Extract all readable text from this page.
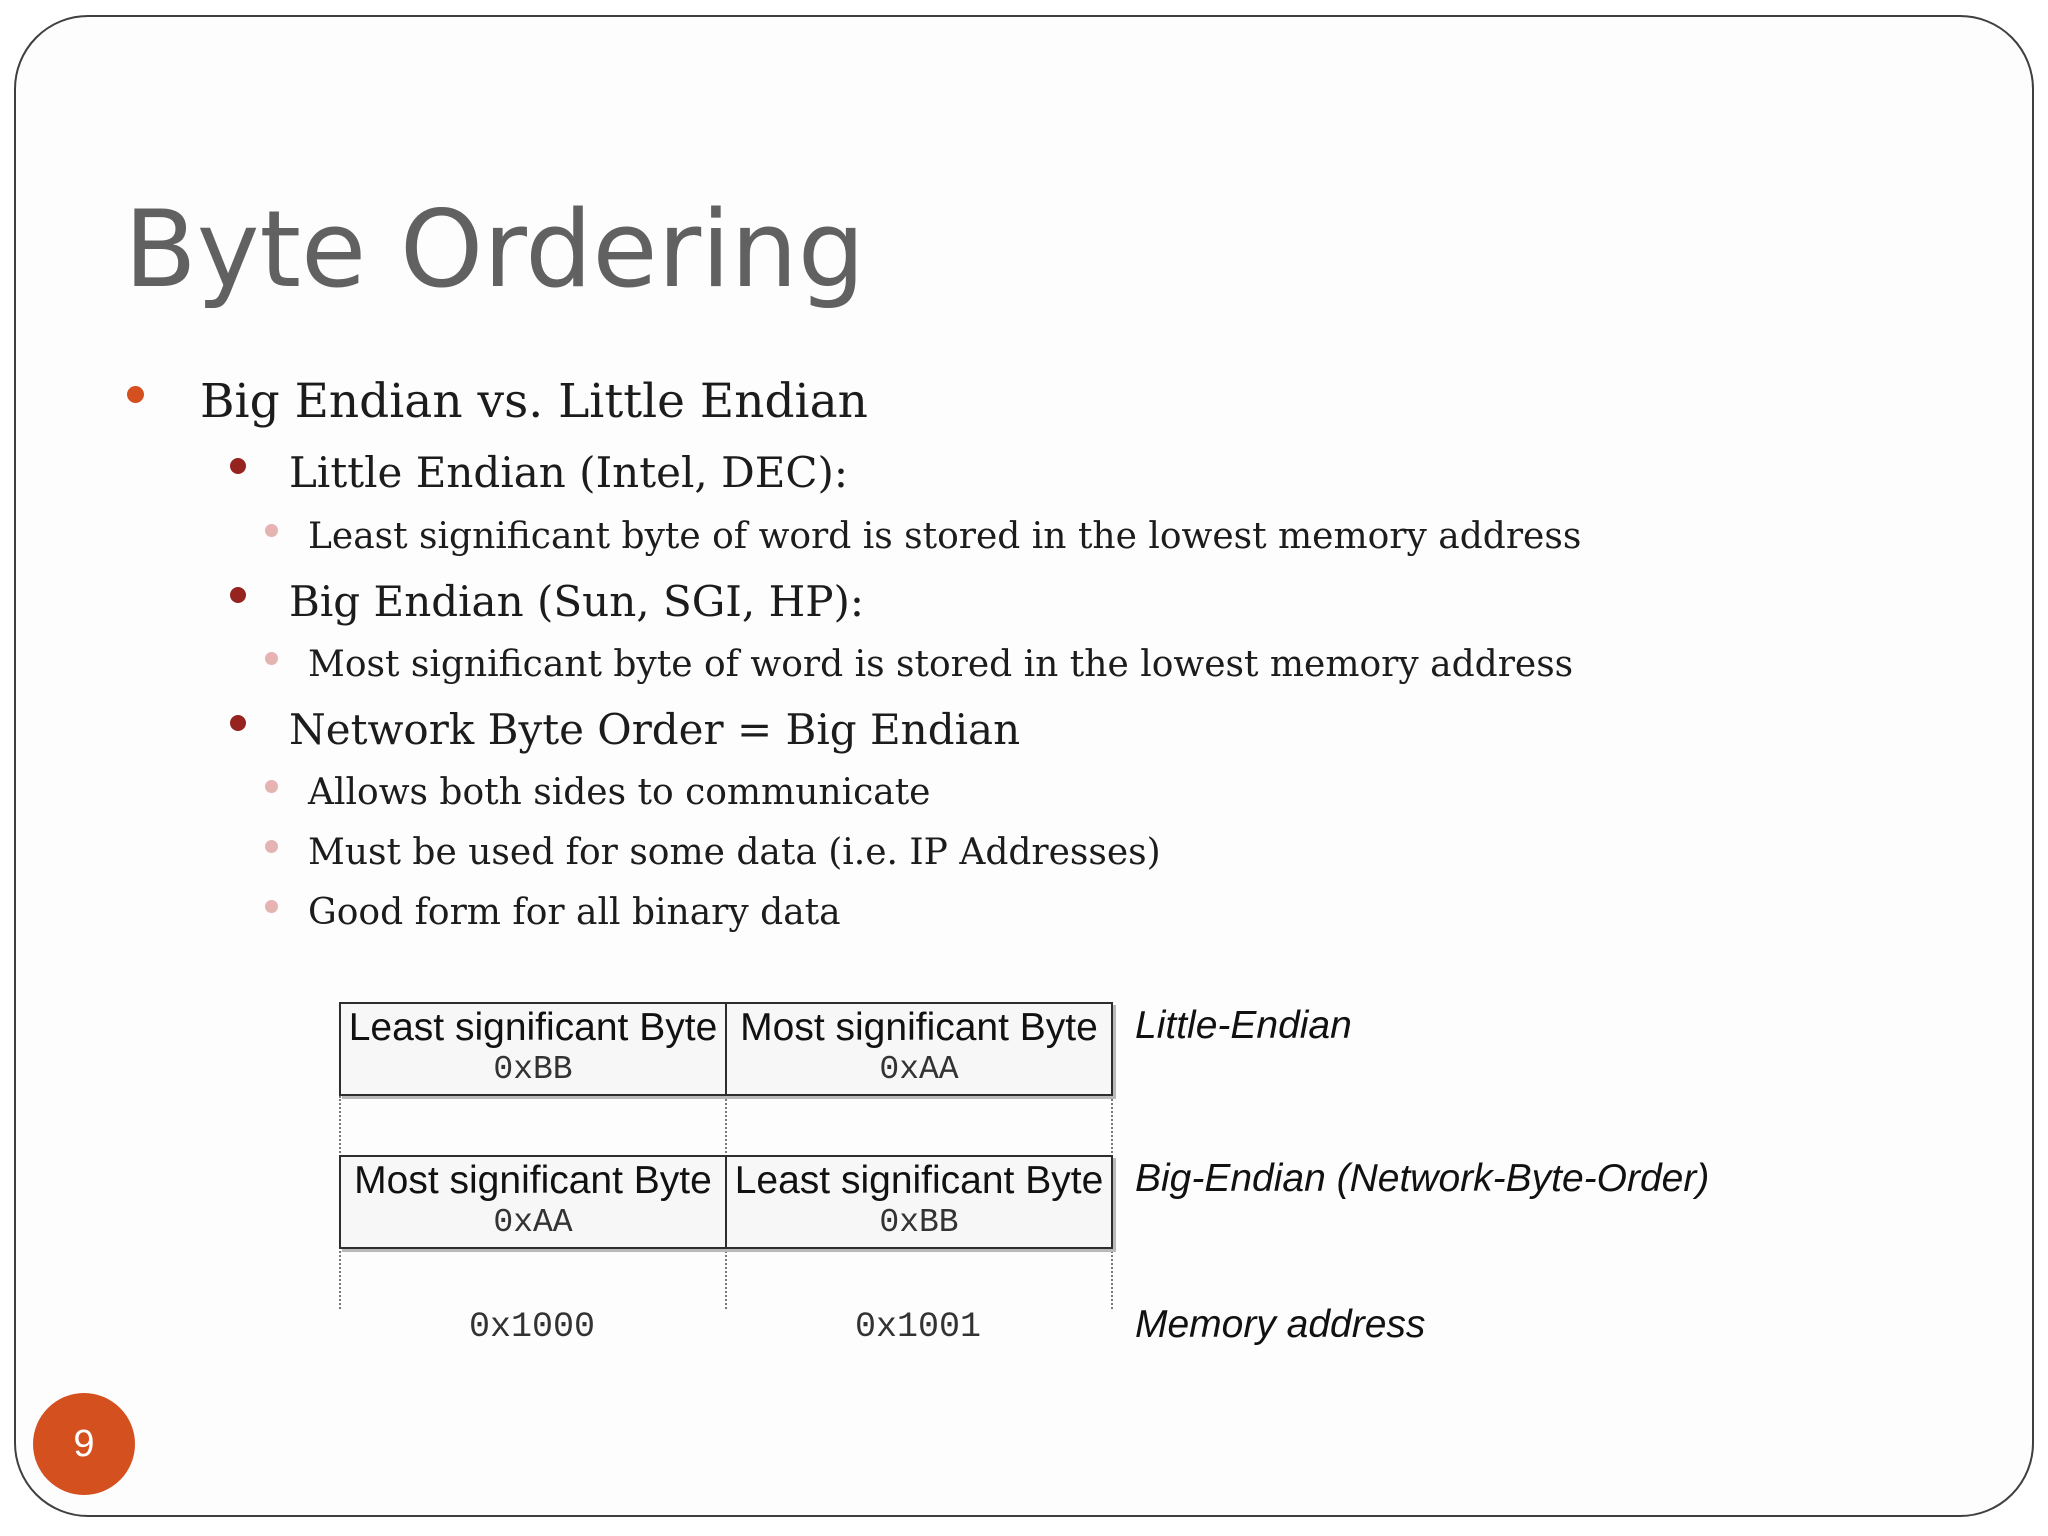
Byte Ordering
Big Endian vs. Little Endian
Little Endian (Intel, DEC):
Least significant byte of word is stored in the lowest memory address
Big Endian (Sun, SGI, HP):
Most significant byte of word is stored in the lowest memory address
Network Byte Order = Big Endian
Allows both sides to communicate
Must be used for some data (i.e. IP Addresses)
Good form for all binary data
Least significant Byte
0xBB
Most significant Byte
0xAA
Little-Endian
Most significant Byte
0xAA
Least significant Byte
0xBB
Big-Endian (Network-Byte-Order)
0x1000	0x1001	Memory address
9
